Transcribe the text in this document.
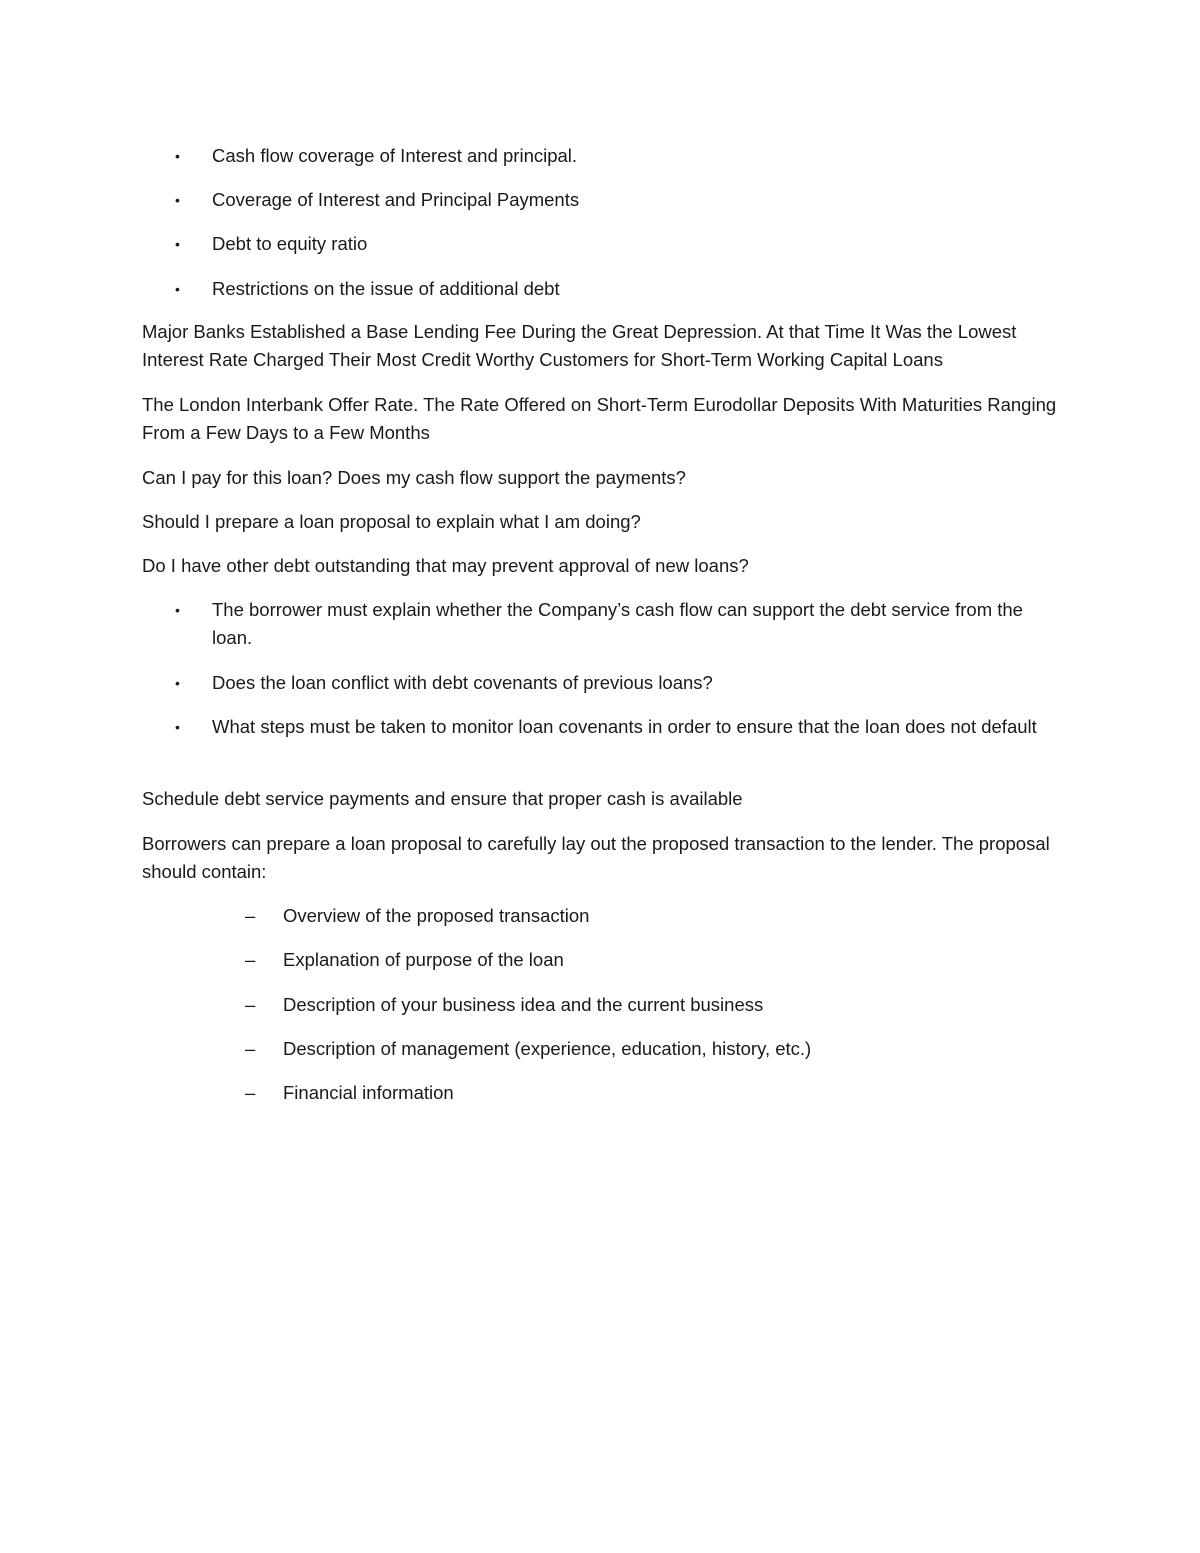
•	Cash flow coverage of Interest and principal.
•	Coverage of Interest and Principal Payments
•	Debt to equity ratio
•	Restrictions on the issue of additional debt
Major Banks Established a Base Lending Fee During the Great Depression. At that Time It Was the Lowest Interest Rate Charged Their Most Credit Worthy Customers for Short-Term Working Capital Loans
The London Interbank Offer Rate. The Rate Offered on Short-Term Eurodollar Deposits With Maturities Ranging From a Few Days to a Few Months
Can I pay for this loan? Does my cash flow support the payments?
Should I prepare a loan proposal to explain what I am doing?
Do I have other debt outstanding that may prevent approval of new loans?
•	The borrower must explain whether the Company’s cash flow can support the debt service from the loan.
•	Does the loan conflict with debt covenants of previous loans?
•	What steps must be taken to monitor loan covenants in order to ensure that the loan does not default
Schedule debt service payments and ensure that proper cash is available
Borrowers can prepare a loan proposal to carefully lay out the proposed transaction to the lender. The proposal should contain:
– Overview of the proposed transaction
– Explanation of purpose of the loan
– Description of your business idea and the current business
– Description of management (experience, education, history, etc.)
– Financial information
